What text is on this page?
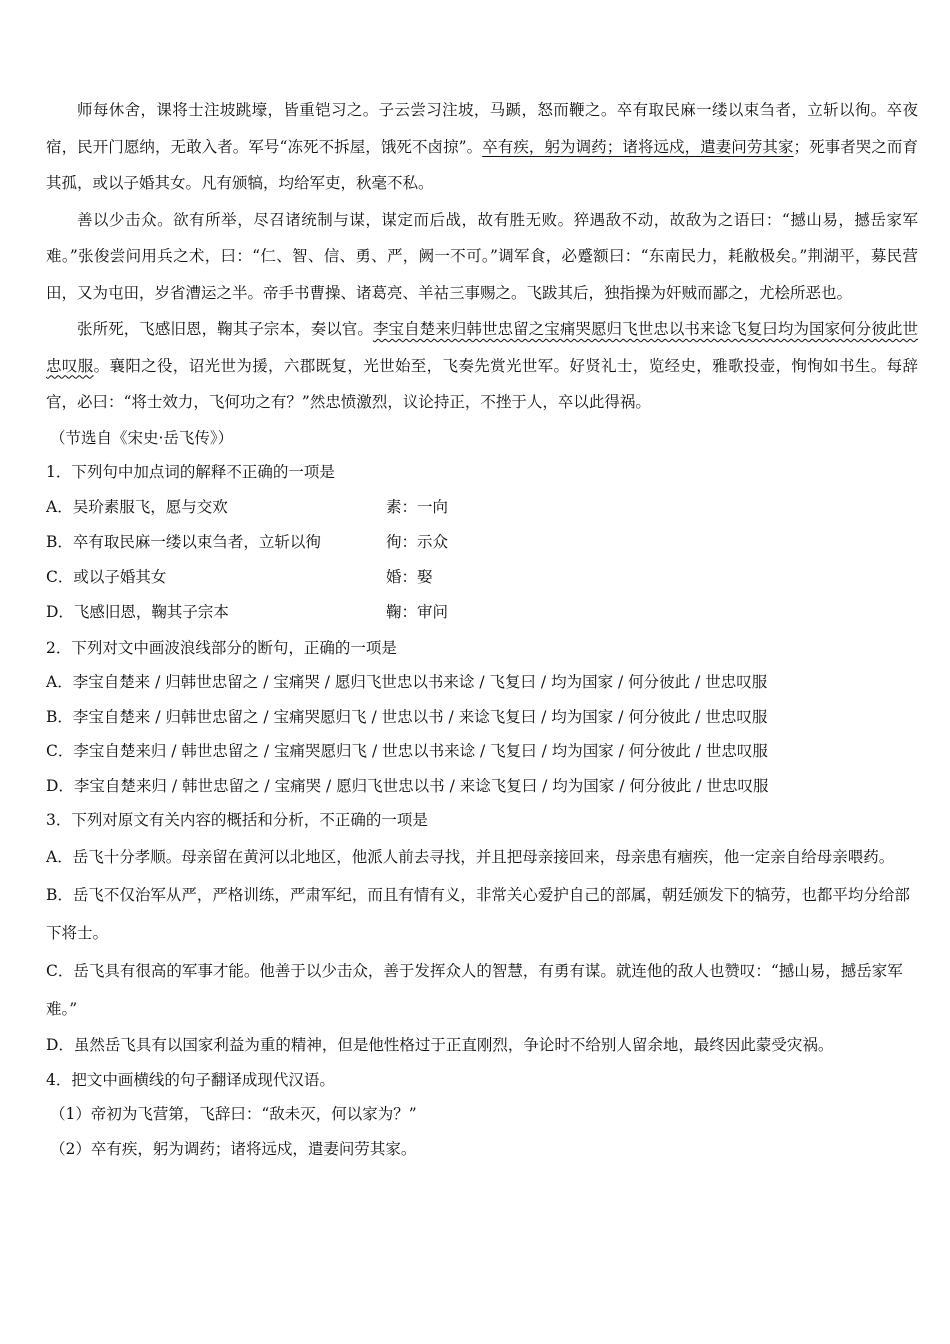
师每休舍，课将士注坡跳壕，皆重铠习之。子云尝习注坡，马踬，怒而鞭之。卒有取民麻一缕以束刍者，立斩以徇。卒夜宿，民开门愿纳，无敢入者。军号“冻死不拆屋，饿死不卤掠”。卒有疾，躬为调药；诸将远戍，遣妻问劳其家；死事者哭之而育其孤，或以子婚其女。凡有颁犒，均给军吏，秋毫不私。

善以少击众。欲有所举，尽召诸统制与谋，谋定而后战，故有胜无败。猝遇敌不动，故敌为之语曰：“撼山易，撼岳家军难。”张俊尝问用兵之术，曰：“仁、智、信、勇、严，阙一不可。”调军食，必蹙额曰：“东南民力，耗敝极矣。”荆湖平，募民营田，又为屯田，岁省漕运之半。帝手书曹操、诸葛亮、羊祜三事赐之。飞跋其后，独指操为奸贼而鄙之，尤桧所恶也。

张所死，飞感旧恩，鞠其子宗本，奏以官。李宝自楚来归韩世忠留之宝痛哭愿归飞世忠以书来谂飞复曰均为国家何分彼此世忠叹服。襄阳之役，诏光世为援，六郡既复，光世始至，飞奏先赏光世军。好贤礼士，览经史，雅歌投壶，恂恂如书生。每辞官，必曰：“将士效力，飞何功之有？”然忠愤激烈，议论持正，不挫于人，卒以此得祸。

（节选自《宋史·岳飞传》）

1．下列句中加点词的解释不正确的一项是

A．吴玠素服飞，愿与交欢	素：一向
B．卒有取民麻一缕以束刍者，立斩以徇	徇：示众
C．或以子婚其女	婚：娶
D．飞感旧恩，鞠其子宗本	鞠：审问

2．下列对文中画波浪线部分的断句，正确的一项是

A．李宝自楚来 / 归韩世忠留之 / 宝痛哭 / 愿归飞世忠以书来谂 / 飞复曰 / 均为国家 / 何分彼此 / 世忠叹服

B．李宝自楚来 / 归韩世忠留之 / 宝痛哭愿归飞 / 世忠以书 / 来谂飞复曰 / 均为国家 / 何分彼此 / 世忠叹服

C．李宝自楚来归 / 韩世忠留之 / 宝痛哭愿归飞 / 世忠以书来谂 / 飞复曰 / 均为国家 / 何分彼此 / 世忠叹服

D．李宝自楚来归 / 韩世忠留之 / 宝痛哭 / 愿归飞世忠以书 / 来谂飞复曰 / 均为国家 / 何分彼此 / 世忠叹服

3．下列对原文有关内容的概括和分析，不正确的一项是

A．岳飞十分孝顺。母亲留在黄河以北地区，他派人前去寻找，并且把母亲接回来，母亲患有痼疾，他一定亲自给母亲喂药。

B．岳飞不仅治军从严，严格训练，严肃军纪，而且有情有义，非常关心爱护自己的部属，朝廷颁发下的犒劳，也都平均分给部下将士。

C．岳飞具有很高的军事才能。他善于以少击众，善于发挥众人的智慧，有勇有谋。就连他的敌人也赞叹：“撼山易，撼岳家军难。”

D．虽然岳飞具有以国家利益为重的精神，但是他性格过于正直刚烈，争论时不给别人留余地，最终因此蒙受灾祸。

4．把文中画横线的句子翻译成现代汉语。

（1）帝初为飞营第，飞辞曰：“敌未灭，何以家为？”

（2）卒有疾，躬为调药；诸将远戍，遣妻问劳其家。
